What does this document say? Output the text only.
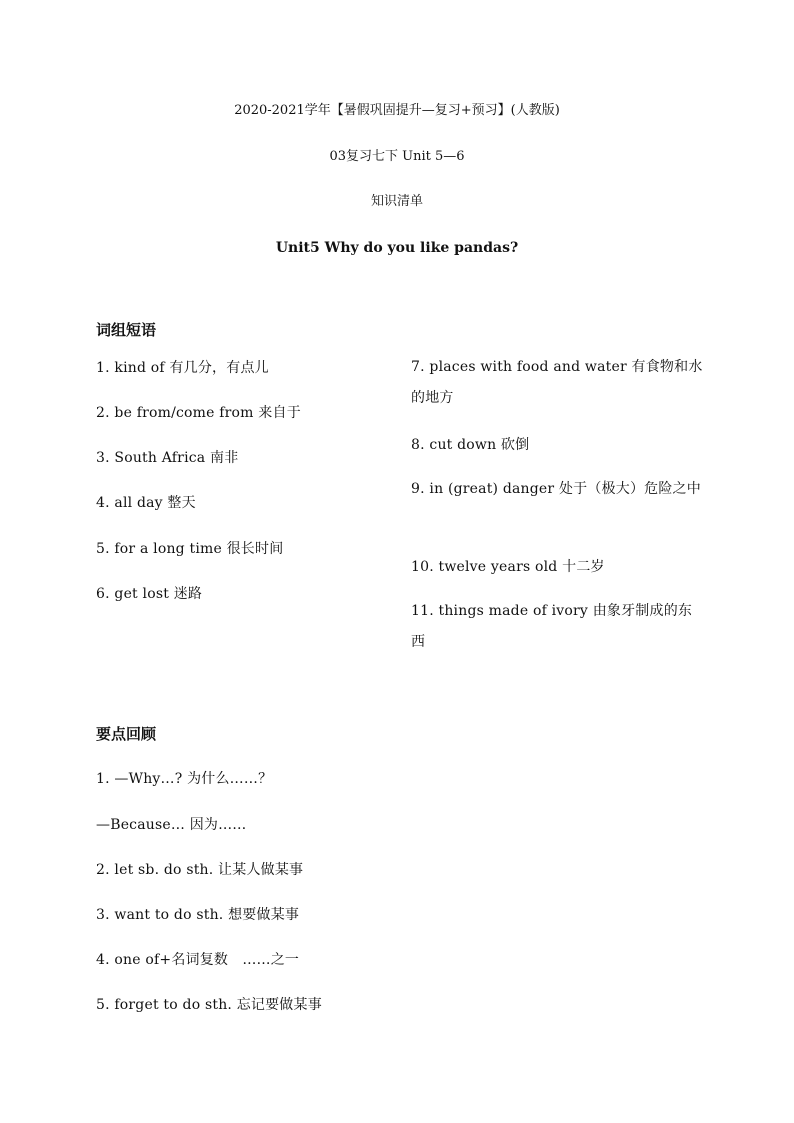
2020-2021学年【暑假巩固提升—复习+预习】(人教版)
03复习七下 Unit 5—6
知识清单
Unit5 Why do you like pandas?
词组短语
1. kind of 有几分，有点儿
2. be from/come from 来自于
3. South Africa 南非
4. all day 整天
5. for a long time 很长时间
6. get lost 迷路
7. places with food and water 有食物和水的地方
8. cut down 砍倒
9. in (great) danger 处于（极大）危险之中
10. twelve years old 十二岁
11. things made of ivory 由象牙制成的东西
要点回顾
1. —Why…? 为什么……？
—Because… 因为……
2. let sb. do sth. 让某人做某事
3. want to do sth. 想要做某事
4. one of+名词复数　……之一
5. forget to do sth. 忘记要做某事
